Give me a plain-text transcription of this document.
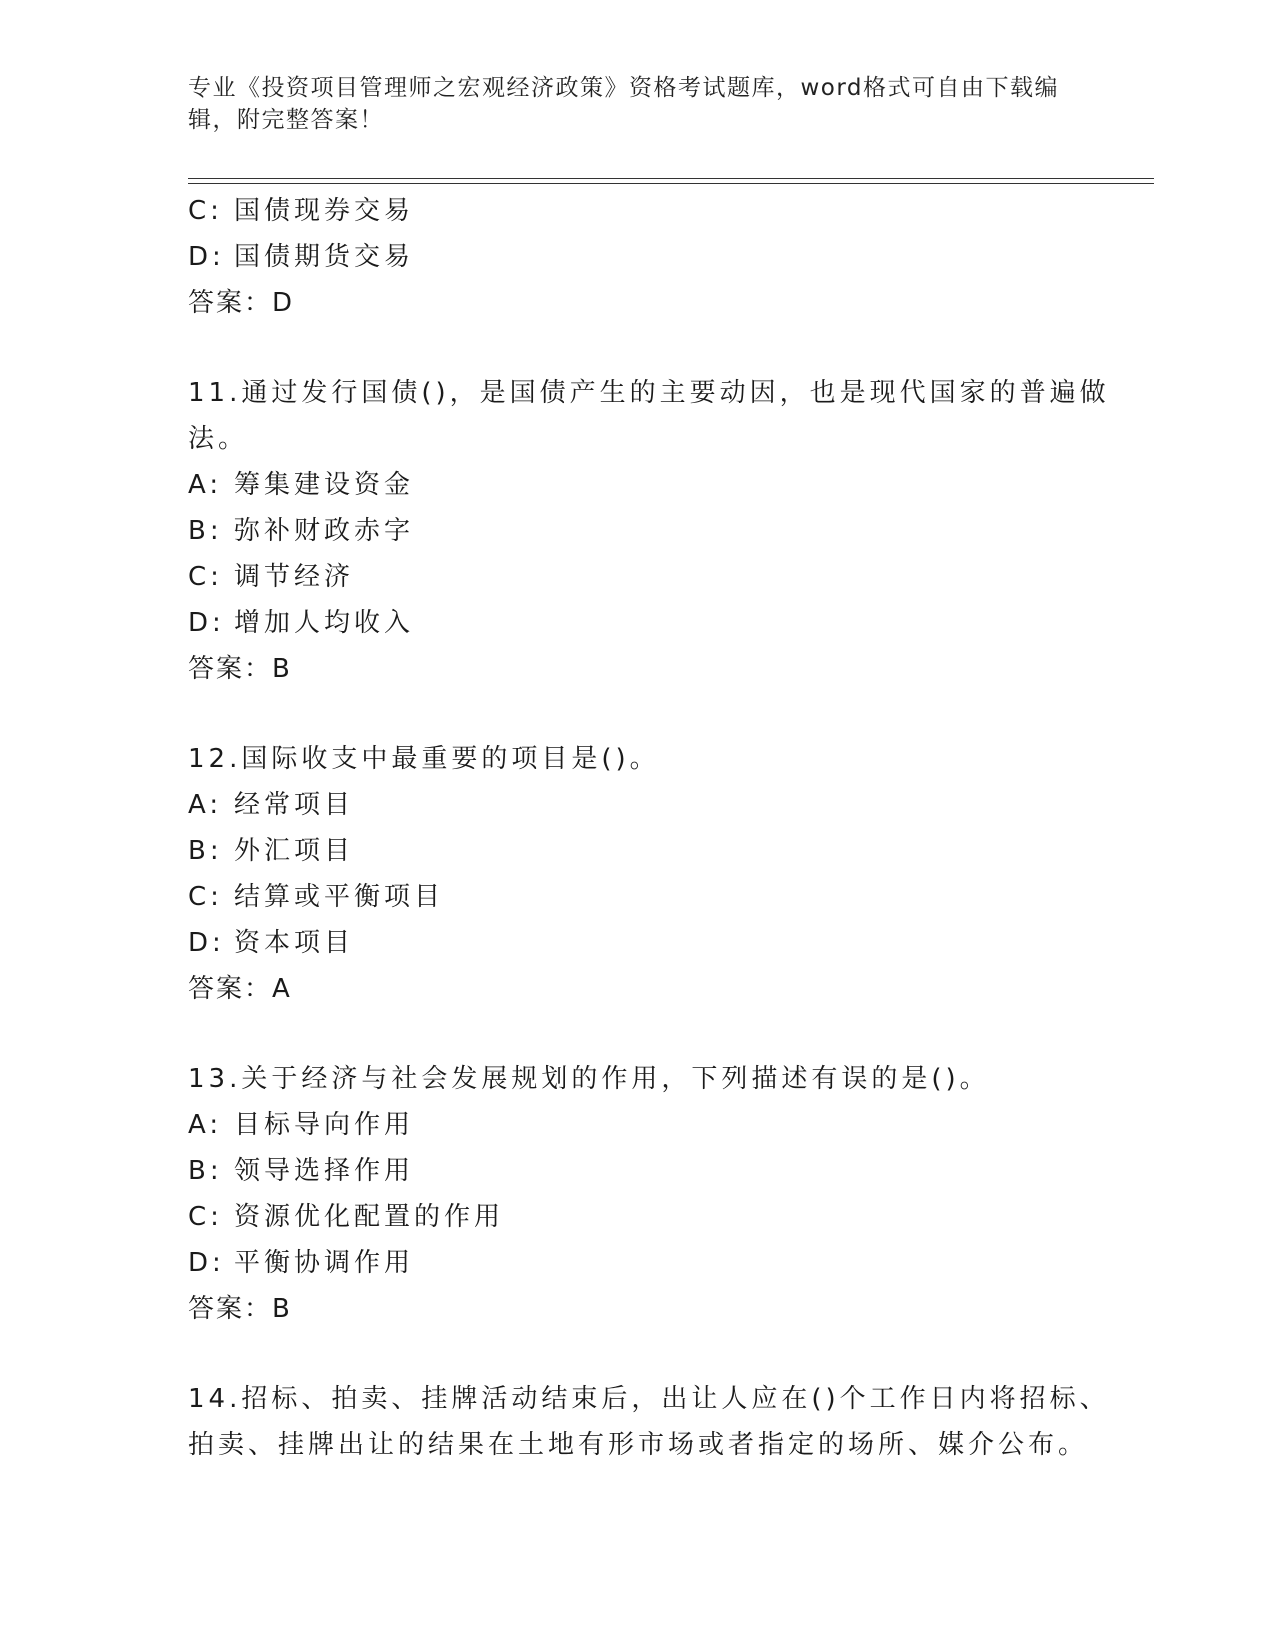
专业《投资项目管理师之宏观经济政策》资格考试题库，word格式可自由下载编辑，附完整答案！
C: 国债现券交易
D: 国债期货交易
答案：D
11.通过发行国债()，是国债产生的主要动因，也是现代国家的普遍做
法。
A: 筹集建设资金
B: 弥补财政赤字
C: 调节经济
D: 增加人均收入
答案：B
12.国际收支中最重要的项目是()。
A: 经常项目
B: 外汇项目
C: 结算或平衡项目
D: 资本项目
答案：A
13.关于经济与社会发展规划的作用，下列描述有误的是()。
A: 目标导向作用
B: 领导选择作用
C: 资源优化配置的作用
D: 平衡协调作用
答案：B
14.招标、拍卖、挂牌活动结束后，出让人应在()个工作日内将招标、
拍卖、挂牌出让的结果在土地有形市场或者指定的场所、媒介公布。
